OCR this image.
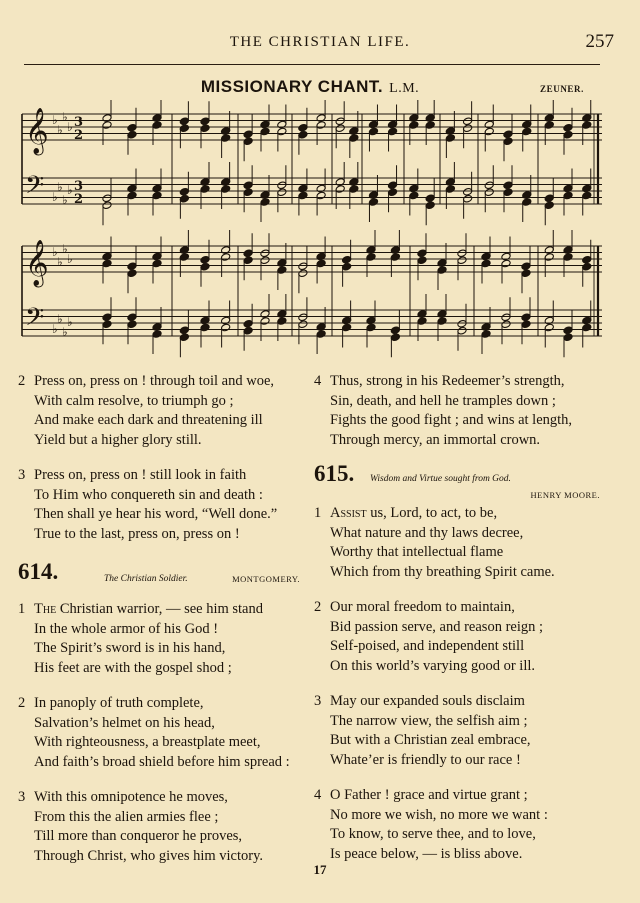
THE CHRISTIAN LIFE.	257
MISSIONARY CHANT. L.M.	ZEUNER.
𝄞 ♭
♭
♭
♭ 3
2
𝄢 ♭
♭
♭
♭ 3
2
𝄞 ♭
♭
♭
♭
𝄢 ♭
♭
♭
♭
2 Press on, press on ! through toil and woe,
With calm resolve, to triumph go ;
And make each dark and threatening ill
Yield but a higher glory still.
3 Press on, press on ! still look in faith
To Him who conquereth sin and death :
Then shall ye hear his word, “Well done.”
True to the last, press on, press on !
614.	The Christian Soldier.	MONTGOMERY.
1 The Christian warrior, — see him stand
In the whole armor of his God !
The Spirit’s sword is in his hand,
His feet are with the gospel shod ;
2 In panoply of truth complete,
Salvation’s helmet on his head,
With righteousness, a breastplate meet,
And faith’s broad shield before him spread :
3 With this omnipotence he moves,
From this the alien armies flee ;
Till more than conqueror he proves,
Through Christ, who gives him victory.
4 Thus, strong in his Redeemer’s strength,
Sin, death, and hell he tramples down ;
Fights the good fight ; and wins at length,
Through mercy, an immortal crown.
615. Wisdom and Virtue sought from God.
HENRY MOORE.
1 Assist us, Lord, to act, to be,
What nature and thy laws decree,
Worthy that intellectual flame
Which from thy breathing Spirit came.
2 Our moral freedom to maintain,
Bid passion serve, and reason reign ;
Self-poised, and independent still
On this world’s varying good or ill.
3 May our expanded souls disclaim
The narrow view, the selfish aim ;
But with a Christian zeal embrace,
Whate’er is friendly to our race !
4 O Father ! grace and virtue grant ;
No more we wish, no more we want :
To know, to serve thee, and to love,
Is peace below, — is bliss above.
17
